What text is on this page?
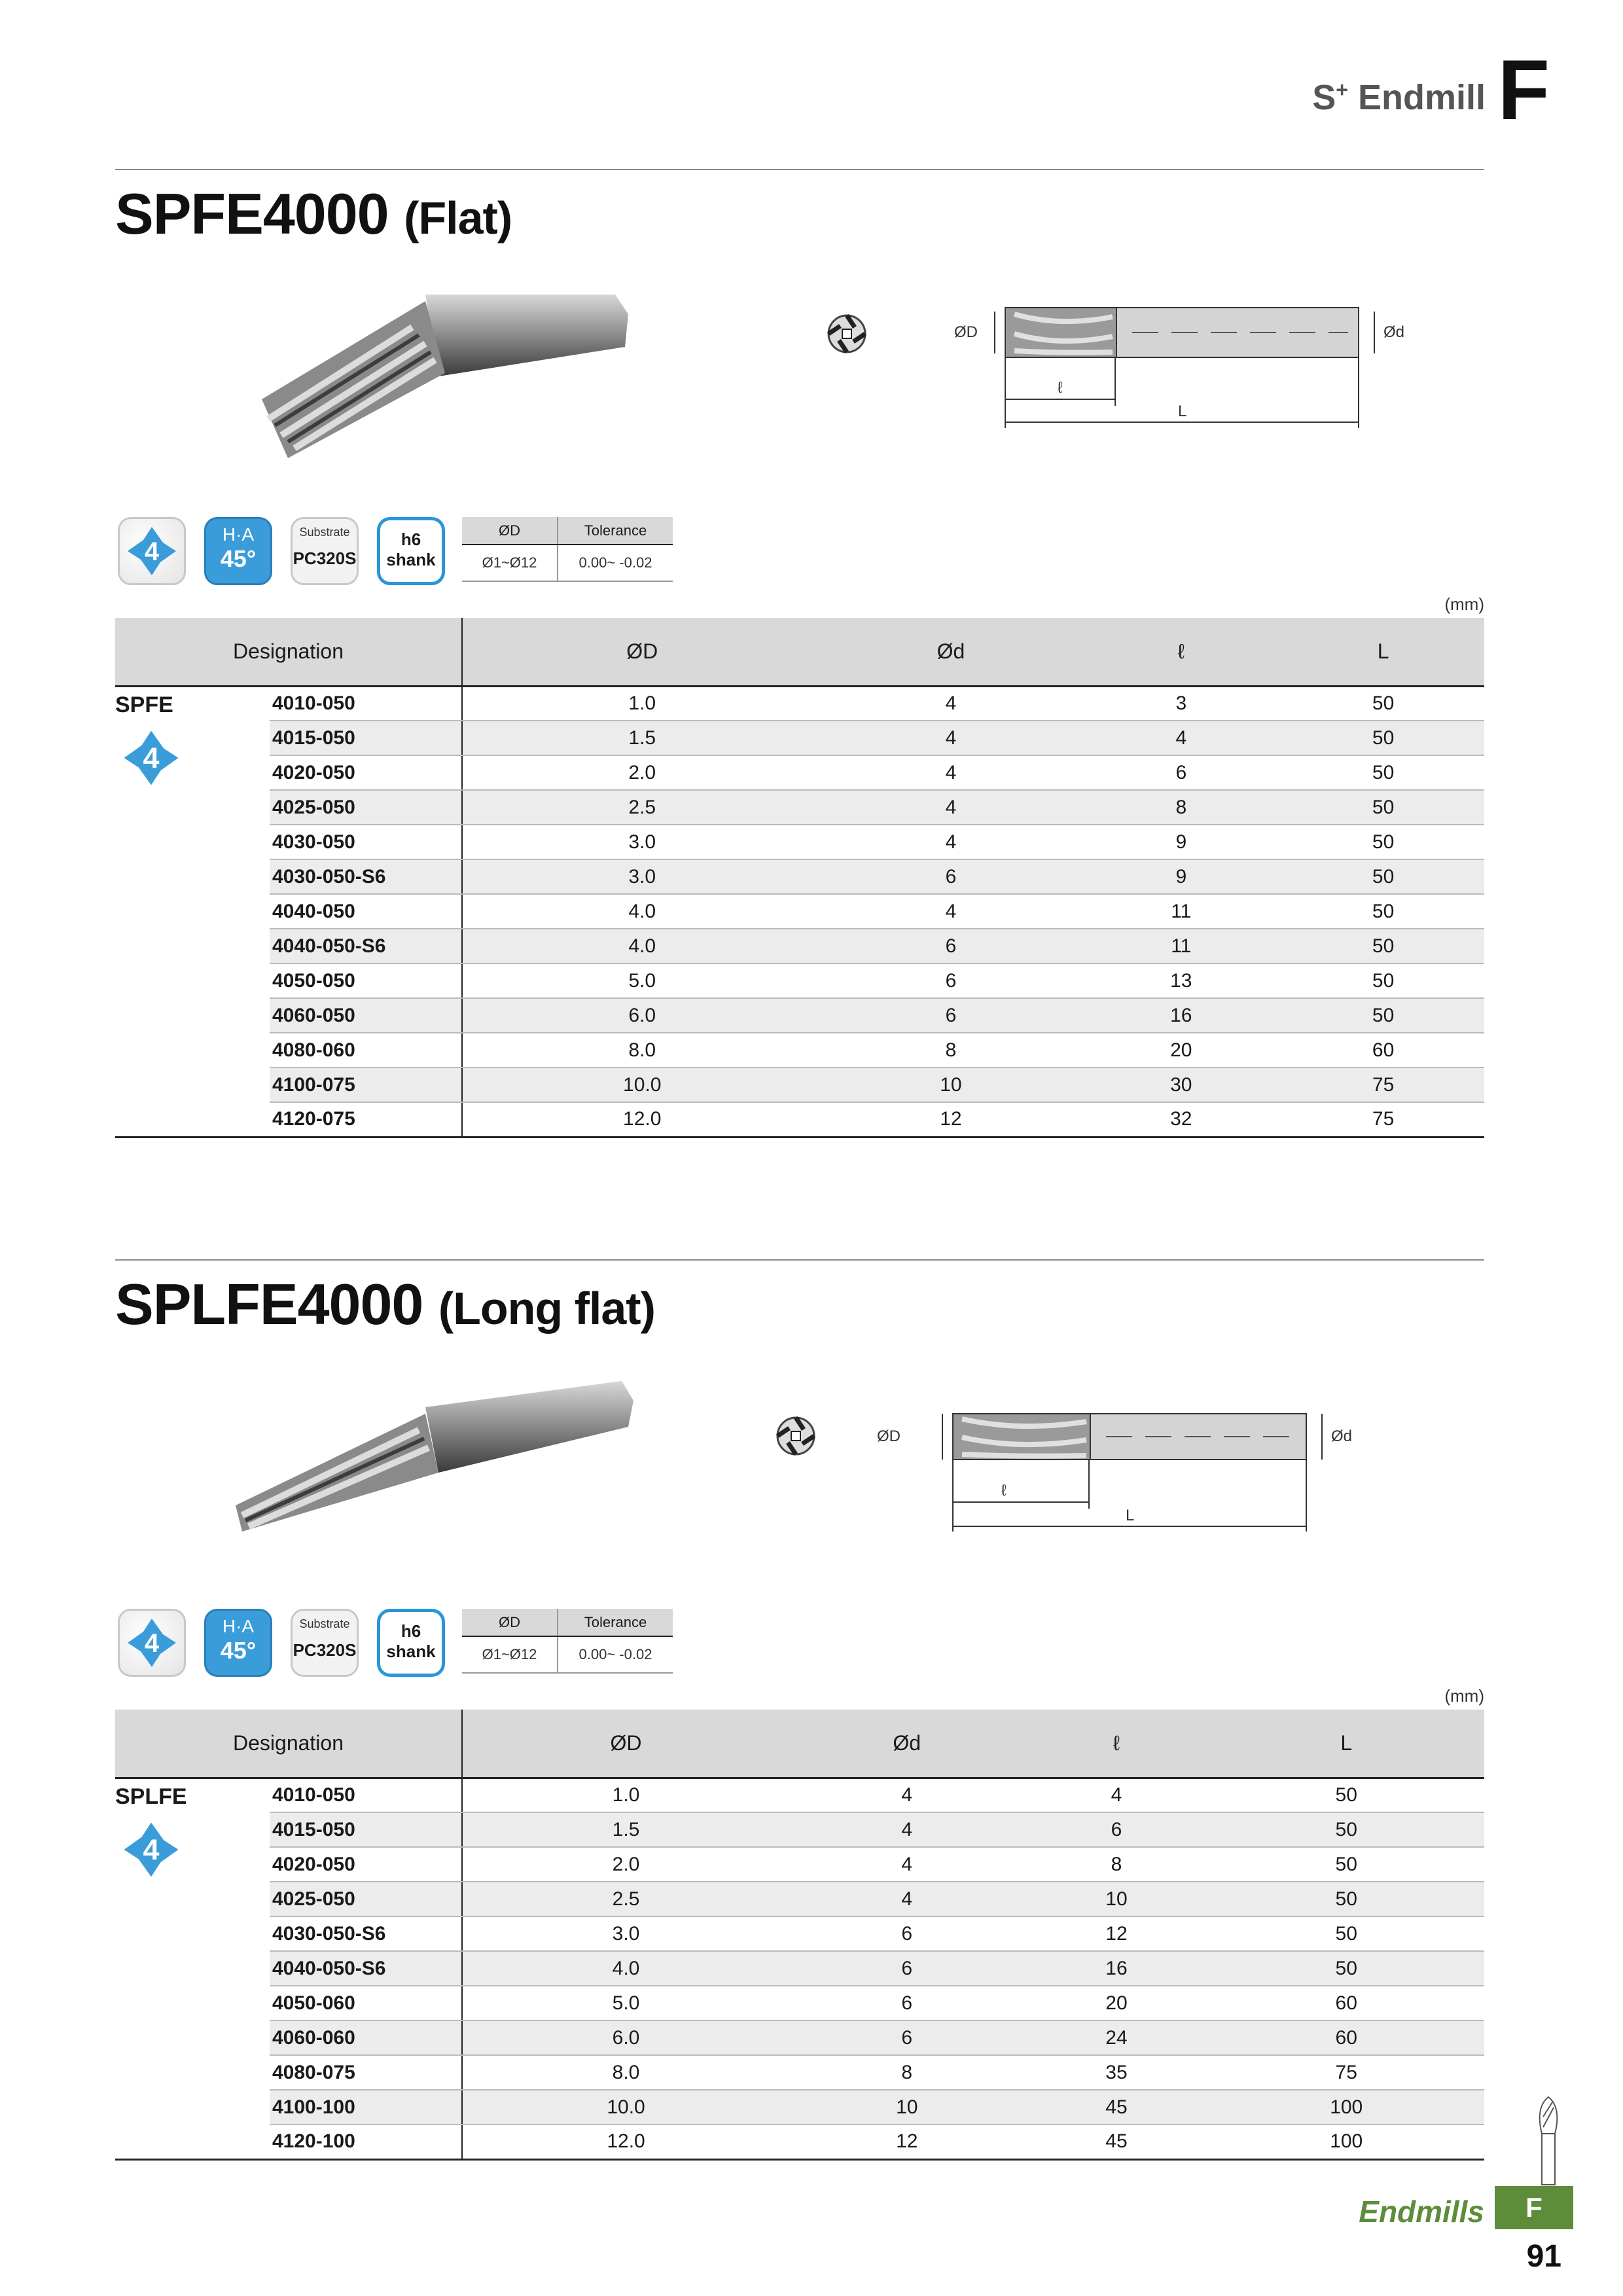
S+ Endmill F
SPFE4000 (Flat)
ØD	Ød
ℓ
L
4
H·A
45°
Substrate
PC320S
h6
shank
ØD	Tolerance
Ø1~Ø12	0.00~ -0.02
(mm)
Designation		ØD	Ød	ℓ	L

SPFE
4	4010-050	1.0	4	3	50
	4015-050	1.5	4	4	50
	4020-050	2.0	4	6	50
	4025-050	2.5	4	8	50
	4030-050	3.0	4	9	50
	4030-050-S6	3.0	6	9	50
	4040-050	4.0	4	11	50
	4040-050-S6	4.0	6	11	50
	4050-050	5.0	6	13	50
	4060-050	6.0	6	16	50
	4080-060	8.0	8	20	60
	4100-075	10.0	10	30	75
	4120-075	12.0	12	32	75
SPLFE4000 (Long flat)
ØD	Ød
ℓ
L
4
H·A
45°
Substrate
PC320S
h6
shank
ØD	Tolerance
Ø1~Ø12	0.00~ -0.02
(mm)
Designation		ØD	Ød	ℓ	L

SPLFE
4	4010-050	1.0	4	4	50
	4015-050	1.5	4	6	50
	4020-050	2.0	4	8	50
	4025-050	2.5	4	10	50
	4030-050-S6	3.0	6	12	50
	4040-050-S6	4.0	6	16	50
	4050-060	5.0	6	20	60
	4060-060	6.0	6	24	60
	4080-075	8.0	8	35	75
	4100-100	10.0	10	45	100
	4120-100	12.0	12	45	100
Endmills	F
91
